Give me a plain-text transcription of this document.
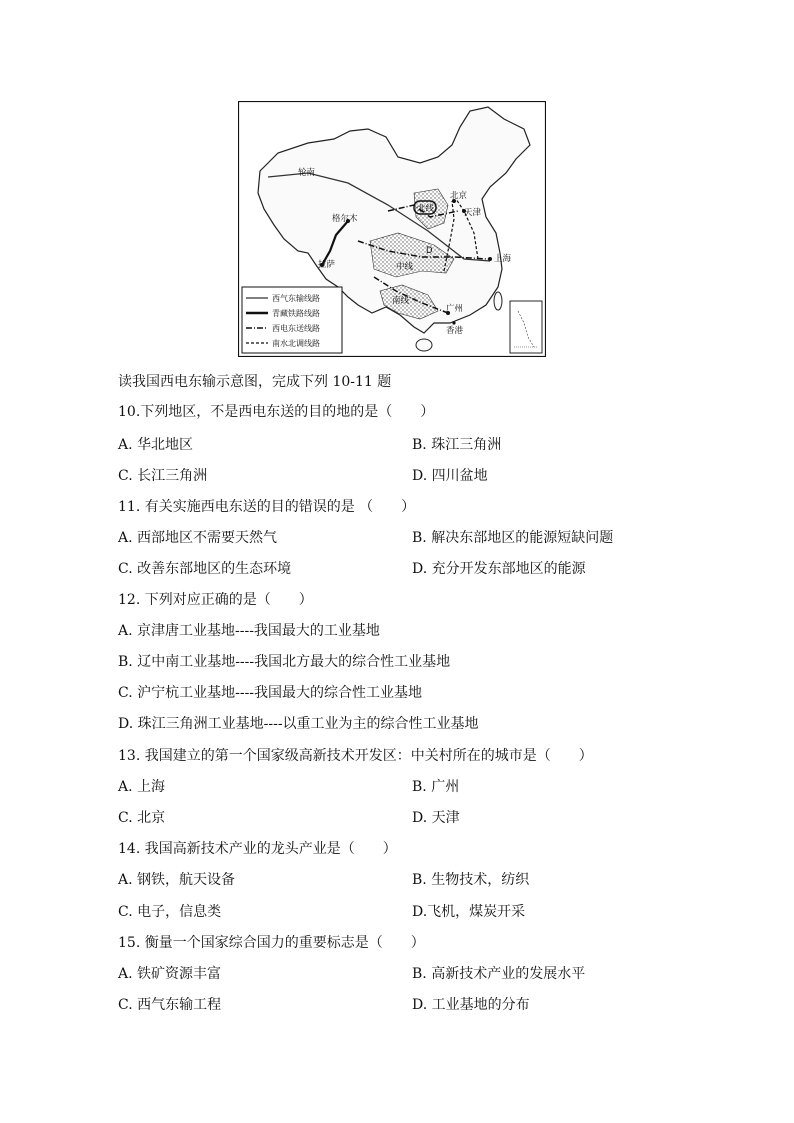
轮南
北京
天津
格尔木
北线
拉萨
D
中线
上海
南线
广州
香港
西气东输线路
青藏铁路线路
西电东送线路
南水北调线路
读我国西电东输示意图，完成下列 10-11 题
10.下列地区，不是西电东送的目的地的是（　　）
A. 华北地区	B. 珠江三角洲
C. 长江三角洲	D. 四川盆地
11. 有关实施西电东送的目的错误的是 （　　）
A. 西部地区不需要天然气	B. 解决东部地区的能源短缺问题
C. 改善东部地区的生态环境	D. 充分开发东部地区的能源
12. 下列对应正确的是（　　）
A. 京津唐工业基地----我国最大的工业基地
B. 辽中南工业基地----我国北方最大的综合性工业基地
C. 沪宁杭工业基地----我国最大的综合性工业基地
D. 珠江三角洲工业基地----以重工业为主的综合性工业基地
13. 我国建立的第一个国家级高新技术开发区：中关村所在的城市是（　　）
A. 上海	B. 广州
C. 北京	D. 天津
14. 我国高新技术产业的龙头产业是（　　）
A. 钢铁，航天设备	B. 生物技术，纺织
C. 电子，信息类	D.飞机，煤炭开采
15. 衡量一个国家综合国力的重要标志是（　　）
A. 铁矿资源丰富	B. 高新技术产业的发展水平
C. 西气东输工程	D. 工业基地的分布
